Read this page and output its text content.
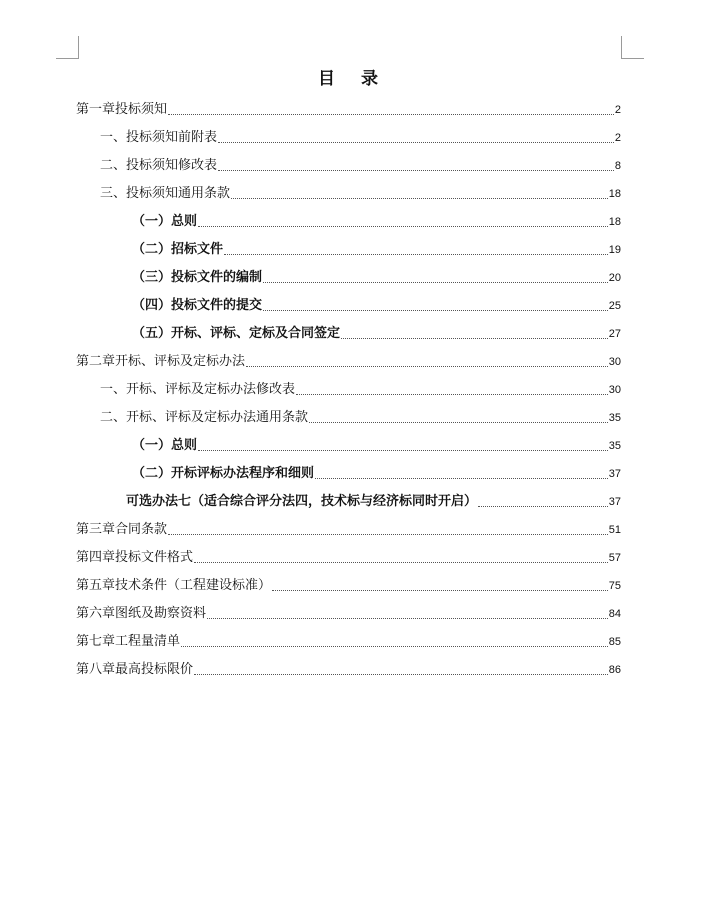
目 录
第一章投标须知	2
一、投标须知前附表	2
二、投标须知修改表	8
三、投标须知通用条款	18
（一）总则	18
（二）招标文件	19
（三）投标文件的编制	20
（四）投标文件的提交	25
（五）开标、评标、定标及合同签定	27
第二章开标、评标及定标办法	30
一、开标、评标及定标办法修改表	30
二、开标、评标及定标办法通用条款	35
（一）总则	35
（二）开标评标办法程序和细则	37
可选办法七（适合综合评分法四，技术标与经济标同时开启）	37
第三章合同条款	51
第四章投标文件格式	57
第五章技术条件（工程建设标准）	75
第六章图纸及勘察资料	84
第七章工程量清单	85
第八章最高投标限价	86
